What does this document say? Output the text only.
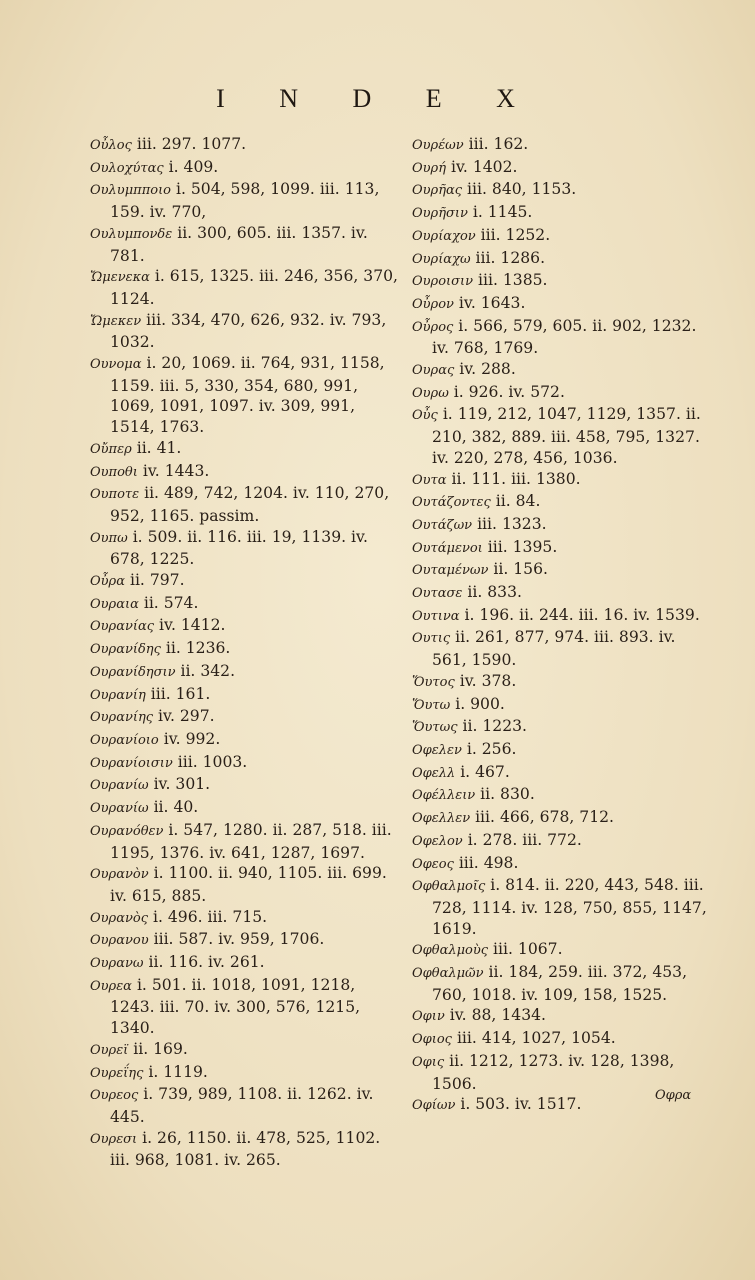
I N D E X
Οὖλος iii. 297. 1077.
Ουλοχύτας i. 409.
Ουλυμπποιο i. 504, 598, 1099. iii. 113, 159. iv. 770,
Ουλυμπονδε ii. 300, 605. iii. 1357. iv. 781.
Ὤμενεκα i. 615, 1325. iii. 246, 356, 370, 1124.
Ὤμεκεν iii. 334, 470, 626, 932. iv. 793, 1032.
Ουνομα i. 20, 1069. ii. 764, 931, 1158, 1159. iii. 5, 330, 354, 680, 991, 1069, 1091, 1097. iv. 309, 991, 1514, 1763.
Οὔπερ ii. 41.
Ουποθι iv. 1443.
Ουποτε ii. 489, 742, 1204. iv. 110, 270, 952, 1165. passim.
Ουπω i. 509. ii. 116. iii. 19, 1139. iv. 678, 1225.
Οὖρα ii. 797.
Ουραια ii. 574.
Ουρανίας iv. 1412.
Ουρανίδης ii. 1236.
Ουρανίδησιν ii. 342.
Ουρανίη iii. 161.
Ουρανίης iv. 297.
Ουρανίοιο iv. 992.
Ουρανίοισιν iii. 1003.
Ουρανίω iv. 301.
Ουρανίω ii. 40.
Ουρανόθεν i. 547, 1280. ii. 287, 518. iii. 1195, 1376. iv. 641, 1287, 1697.
Ουρανὸν i. 1100. ii. 940, 1105. iii. 699. iv. 615, 885.
Ουρανὸς i. 496. iii. 715.
Ουρανου iii. 587. iv. 959, 1706.
Ουρανω ii. 116. iv. 261.
Ουρεα i. 501. ii. 1018, 1091, 1218, 1243. iii. 70. iv. 300, 576, 1215, 1340.
Ουρεϊ ii. 169.
Ουρεΐης i. 1119.
Ουρεος i. 739, 989, 1108. ii. 1262. iv. 445.
Ουρεσι i. 26, 1150. ii. 478, 525, 1102. iii. 968, 1081. iv. 265.
Ουρέων iii. 162.
Ουρή iv. 1402.
Ουρῆας iii. 840, 1153.
Ουρῆσιν i. 1145.
Ουρίαχον iii. 1252.
Ουρίαχω iii. 1286.
Ουροισιν iii. 1385.
Οὖρον iv. 1643.
Οὖρος i. 566, 579, 605. ii. 902, 1232. iv. 768, 1769.
Ουρας iv. 288.
Ουρω i. 926. iv. 572.
Οὖς i. 119, 212, 1047, 1129, 1357. ii. 210, 382, 889. iii. 458, 795, 1327. iv. 220, 278, 456, 1036.
Ουτα ii. 111. iii. 1380.
Ουτάζοντες ii. 84.
Ουτάζων iii. 1323.
Ουτάμενοι iii. 1395.
Ουταμένων ii. 156.
Ουτασε ii. 833.
Ουτινα i. 196. ii. 244. iii. 16. iv. 1539.
Ουτις ii. 261, 877, 974. iii. 893. iv. 561, 1590.
Ὅυτος iv. 378.
Ὅυτω i. 900.
Ὅυτως ii. 1223.
Οφελεν i. 256.
Οφελλ i. 467.
Οφέλλειν ii. 830.
Οφελλεν iii. 466, 678, 712.
Οφελον i. 278. iii. 772.
Οφεος iii. 498.
Οφθαλμοῖς i. 814. ii. 220, 443, 548. iii. 728, 1114. iv. 128, 750, 855, 1147, 1619.
Οφθαλμοὺς iii. 1067.
Οφθαλμῶν ii. 184, 259. iii. 372, 453, 760, 1018. iv. 109, 158, 1525.
Οφιν iv. 88, 1434.
Οφιος iii. 414, 1027, 1054.
Οφις ii. 1212, 1273. iv. 128, 1398, 1506.
Οφίων i. 503. iv. 1517.	Οφρα
